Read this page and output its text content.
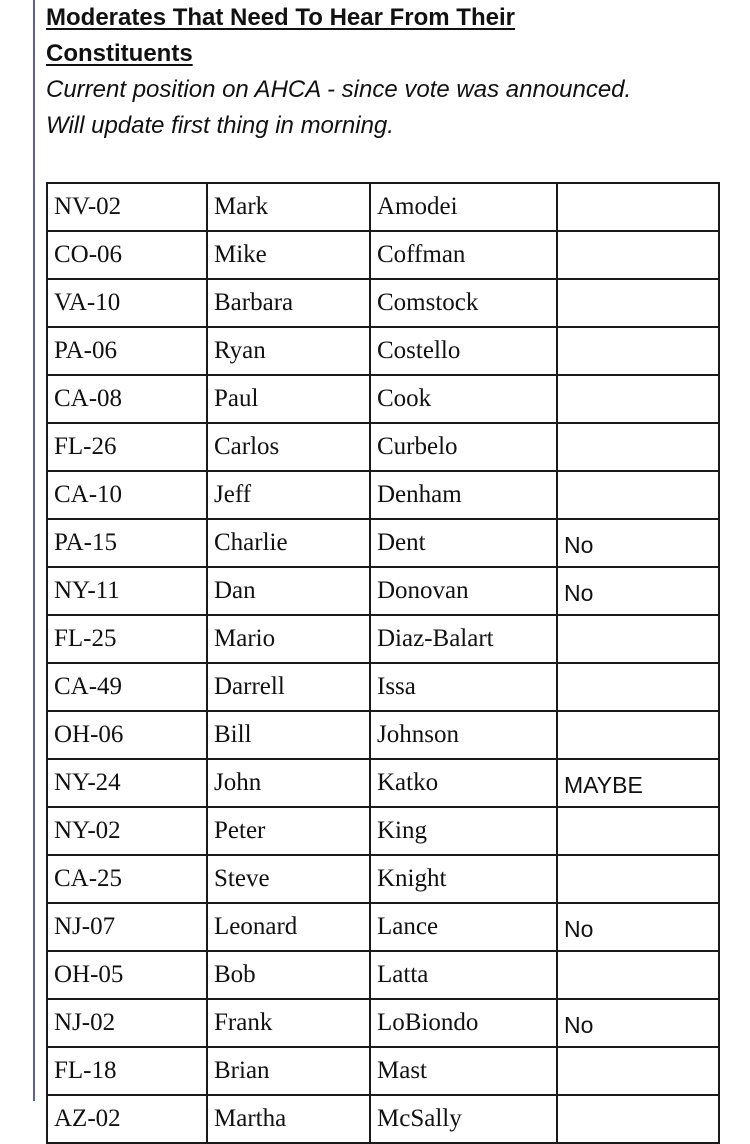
Moderates That Need To Hear From Their Constituents
Current position on AHCA - since vote was announced.
Will update first thing in morning.
NV-02	Mark	Amodei	
CO-06	Mike	Coffman	
VA-10	Barbara	Comstock	
PA-06	Ryan	Costello	
CA-08	Paul	Cook	
FL-26	Carlos	Curbelo	
CA-10	Jeff	Denham	
PA-15	Charlie	Dent	No
NY-11	Dan	Donovan	No
FL-25	Mario	Diaz-Balart	
CA-49	Darrell	Issa	
OH-06	Bill	Johnson	
NY-24	John	Katko	MAYBE
NY-02	Peter	King	
CA-25	Steve	Knight	
NJ-07	Leonard	Lance	No
OH-05	Bob	Latta	
NJ-02	Frank	LoBiondo	No
FL-18	Brian	Mast	
AZ-02	Martha	McSally	
